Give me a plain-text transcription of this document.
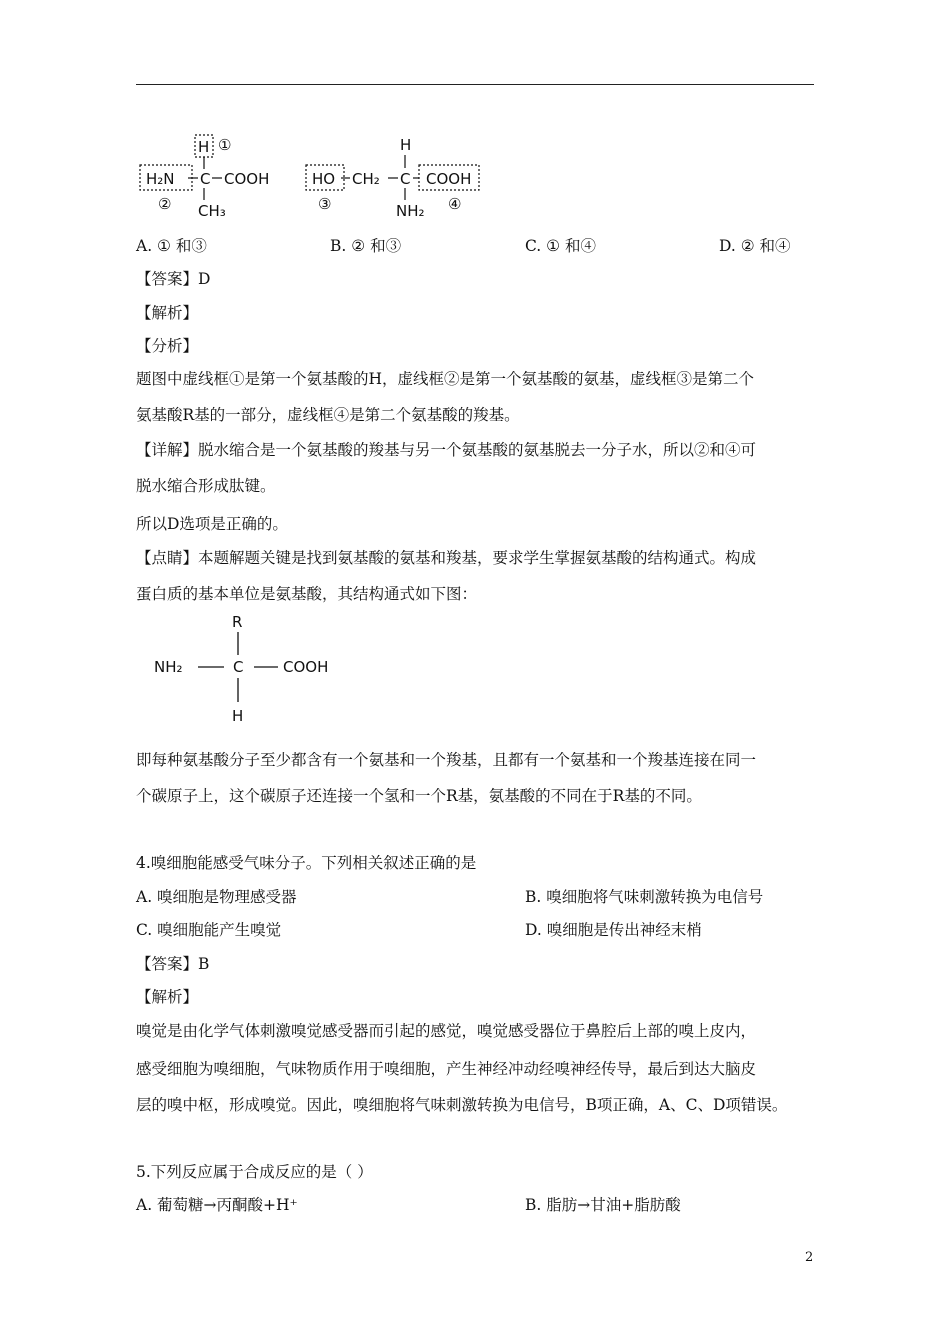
H ①
H₂N C COOH
CH₃
②
HO CH₂ C
H
COOH
NH₂
③	④
A. ① 和③	B. ② 和③	C. ① 和④	D. ② 和④
【答案】D
【解析】
【分析】
题图中虚线框①是第一个氨基酸的H，虚线框②是第一个氨基酸的氨基，虚线框③是第二个
氨基酸R基的一部分，虚线框④是第二个氨基酸的羧基。
【详解】脱水缩合是一个氨基酸的羧基与另一个氨基酸的氨基脱去一分子水，所以②和④可
脱水缩合形成肽键。
所以D选项是正确的。
【点睛】本题解题关键是找到氨基酸的氨基和羧基，要求学生掌握氨基酸的结构通式。构成
蛋白质的基本单位是氨基酸，其结构通式如下图：
R
NH₂	C	COOH
H
即每种氨基酸分子至少都含有一个氨基和一个羧基，且都有一个氨基和一个羧基连接在同一
个碳原子上，这个碳原子还连接一个氢和一个R基，氨基酸的不同在于R基的不同。
4.嗅细胞能感受气味分子。下列相关叙述正确的是
A. 嗅细胞是物理感受器	B. 嗅细胞将气味刺激转换为电信号
C. 嗅细胞能产生嗅觉	D. 嗅细胞是传出神经末梢
【答案】B
【解析】
嗅觉是由化学气体刺激嗅觉感受器而引起的感觉，嗅觉感受器位于鼻腔后上部的嗅上皮内，
感受细胞为嗅细胞，气味物质作用于嗅细胞，产生神经冲动经嗅神经传导，最后到达大脑皮
层的嗅中枢，形成嗅觉。因此，嗅细胞将气味刺激转换为电信号，B项正确，A、C、D项错误。
5.下列反应属于合成反应的是（ ）
A. 葡萄糖→丙酮酸+H⁺	B. 脂肪→甘油+脂肪酸
2
